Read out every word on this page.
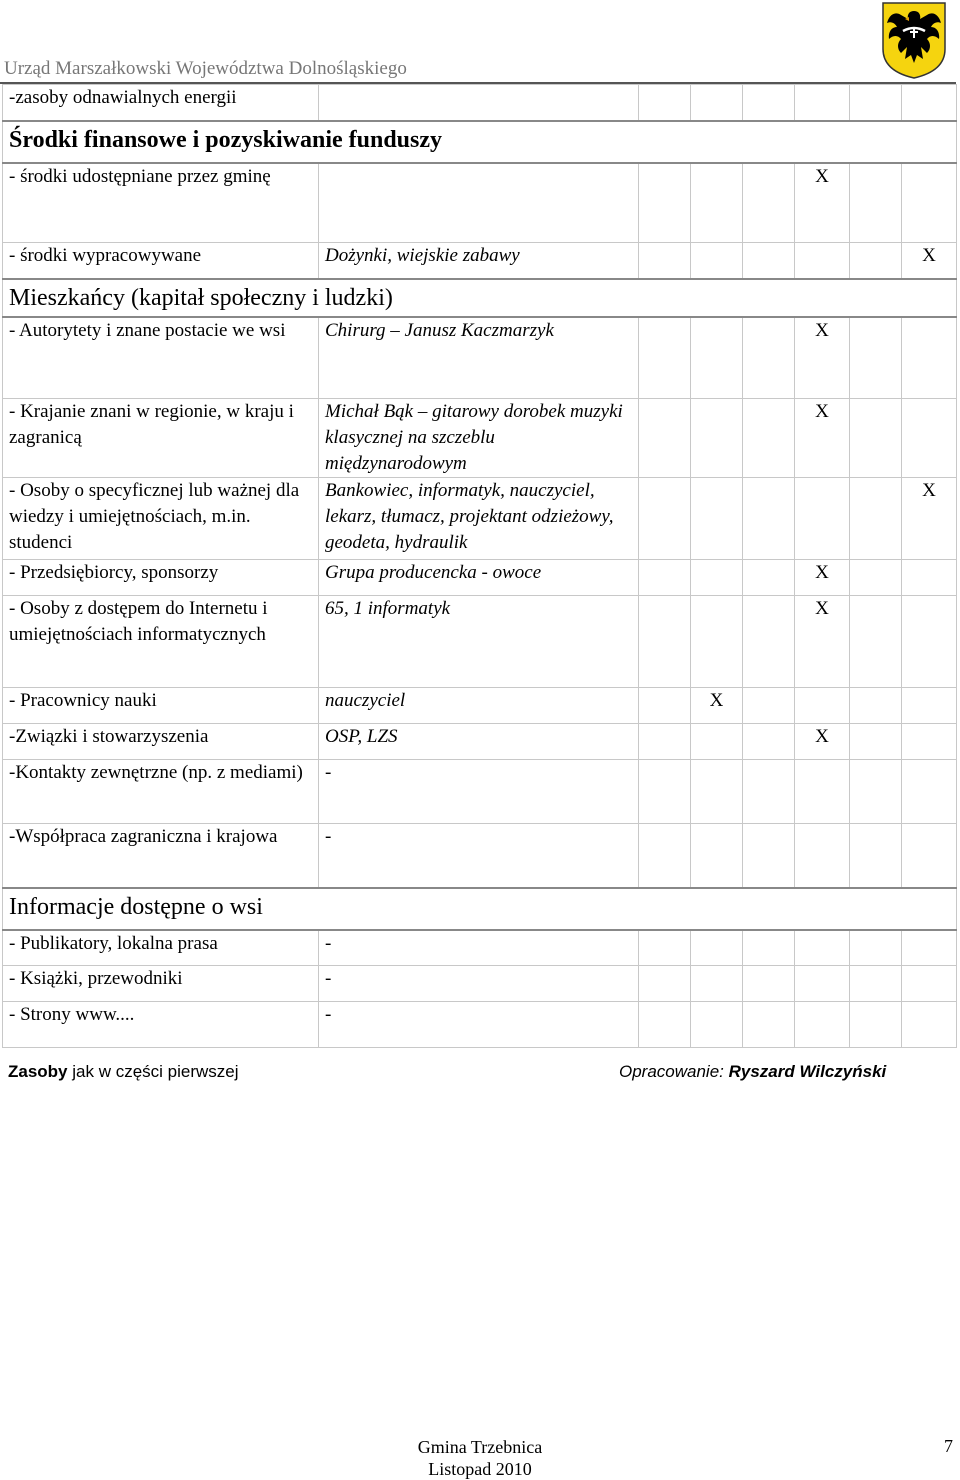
Urząd Marszałkowski Województwa Dolnośląskiego
-zasoby odnawialnych energii							
Środki finansowe i pozyskiwanie funduszy							
- środki udostępniane przez gminę					X		
- środki wypracowywane	Dożynki, wiejskie zabawy						X
Mieszkańcy (kapitał społeczny i ludzki)							
- Autorytety i znane postacie we wsi	Chirurg – Janusz Kaczmarzyk				X		
- Krajanie znani w regionie, w kraju i zagranicą	Michał Bąk – gitarowy dorobek muzyki klasycznej na szczeblu międzynarodowym				X		
- Osoby o specyficznej lub ważnej dla wiedzy i umiejętnościach, m.in. studenci	Bankowiec, informatyk, nauczyciel, lekarz, tłumacz, projektant odzieżowy, geodeta, hydraulik						X
- Przedsiębiorcy, sponsorzy	Grupa producencka - owoce				X		
- Osoby z dostępem do Internetu i umiejętnościach informatycznych	65, 1 informatyk				X		
- Pracownicy nauki	nauczyciel		X				
-Związki i stowarzyszenia	OSP, LZS				X		
-Kontakty zewnętrzne (np. z mediami)	-						
-Współpraca zagraniczna i krajowa	-						
Informacje dostępne o wsi							
- Publikatory, lokalna prasa	-						
- Książki, przewodniki	-						
- Strony www....	-						
Zasoby jak w części pierwszej	Opracowanie: Ryszard Wilczyński
Gmina Trzebnica
Listopad 2010
7
